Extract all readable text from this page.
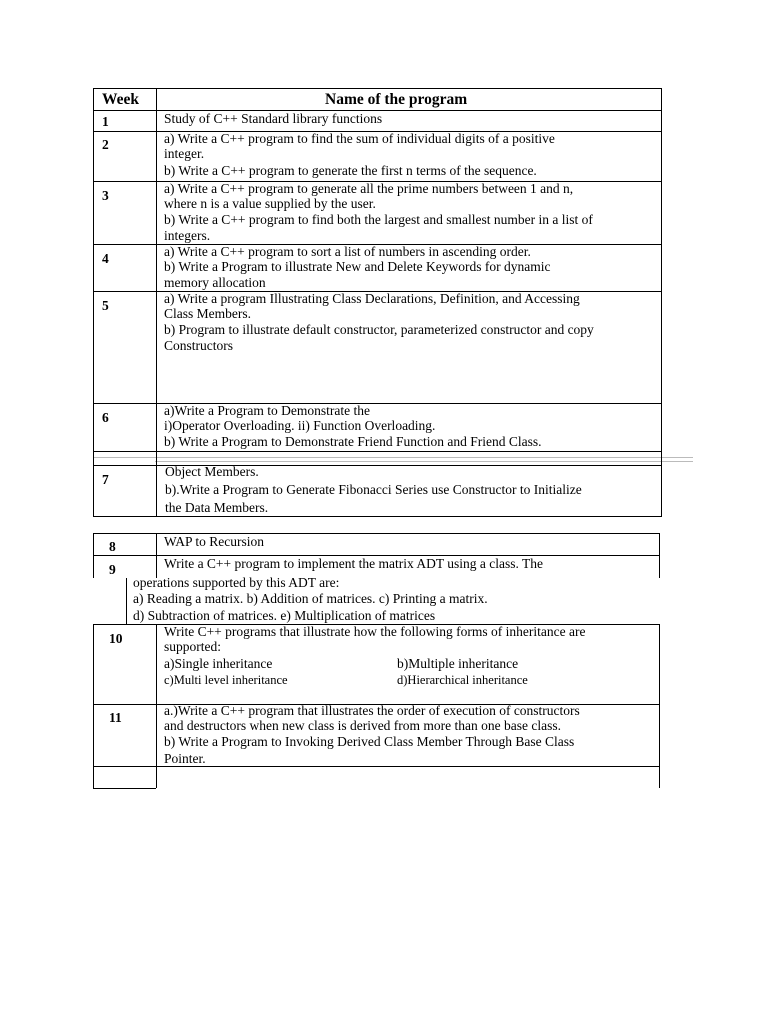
Week	Name of the program
1	Study of C++ Standard library functions
2	a) Write a C++ program to find the sum of individual digits of a positive
integer.
b) Write a C++ program to generate the first n terms of the sequence.
3	a) Write a C++ program to generate all the prime numbers between 1 and n,
where n is a value supplied by the user.
b) Write a C++ program to find both the largest and smallest number in a list of
integers.
4	a) Write a C++ program to sort a list of numbers in ascending order.
b) Write a Program to illustrate New and Delete Keywords for dynamic
memory allocation
5	a) Write a program Illustrating Class Declarations, Definition, and Accessing
Class Members.
b) Program to illustrate default constructor, parameterized constructor and copy
Constructors
6	a)Write a Program to Demonstrate the
i)Operator Overloading. ii) Function Overloading.
b) Write a Program to Demonstrate Friend Function and Friend Class.
7
Object Members.
b).Write a Program to Generate Fibonacci Series use Constructor to Initialize
the Data Members.
8	WAP to Recursion
9	Write a C++ program to implement the matrix ADT using a class. The
operations supported by this ADT are:
a) Reading a matrix. b) Addition of matrices. c) Printing a matrix.
d) Subtraction of matrices. e) Multiplication of matrices
10	Write C++ programs that illustrate how the following forms of inheritance are
supported:
a)Single inheritance	b)Multiple inheritance
c)Multi level inheritance	d)Hierarchical inheritance
11	a.)Write a C++ program that illustrates the order of execution of constructors
and destructors when new class is derived from more than one base class.
b) Write a Program to Invoking Derived Class Member Through Base Class
Pointer.
